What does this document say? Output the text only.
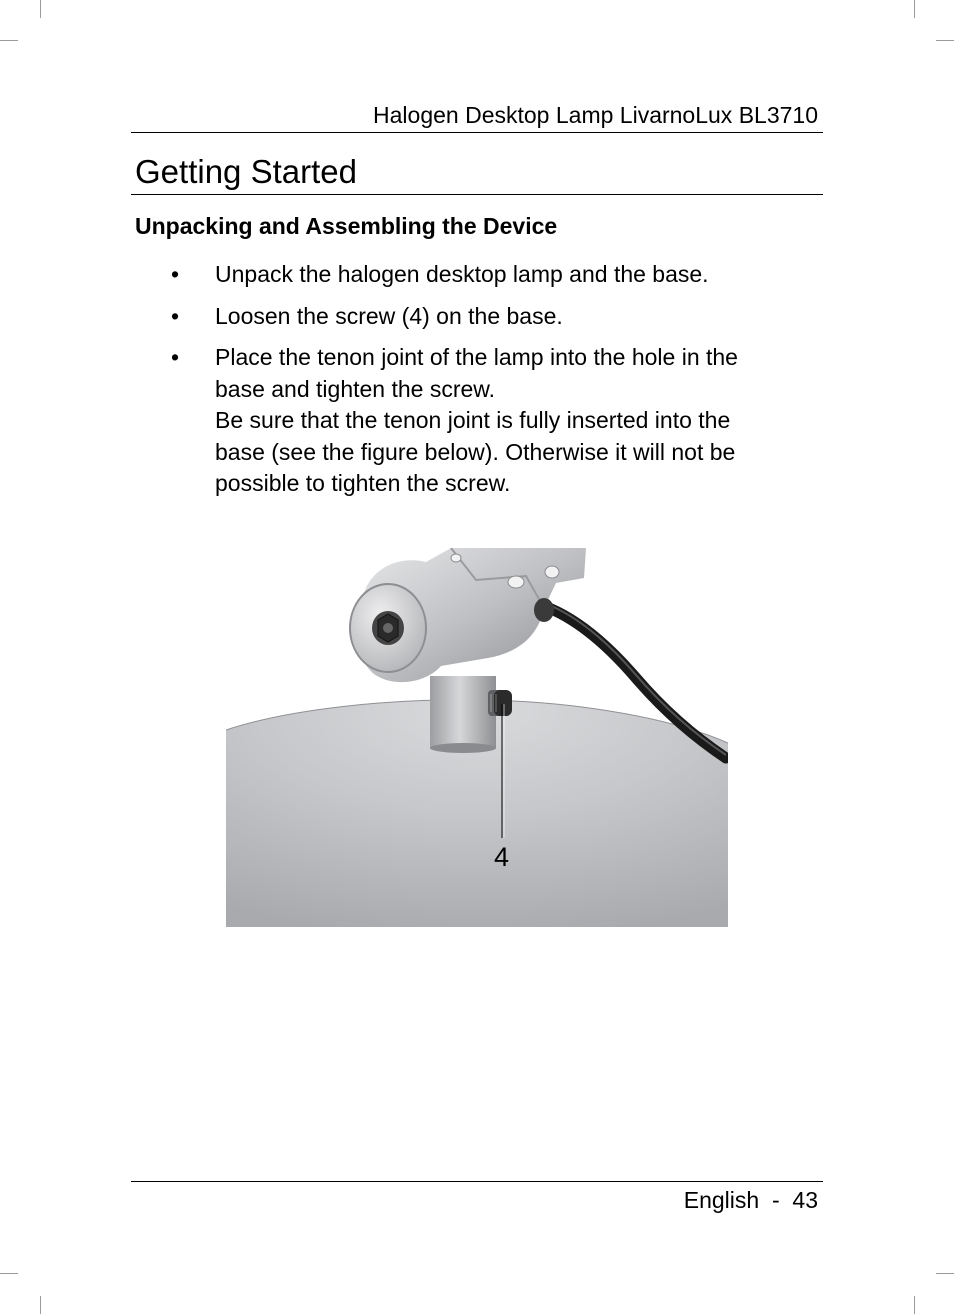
Halogen Desktop Lamp LivarnoLux BL3710
Getting Started
Unpacking and Assembling the Device
• Unpack the halogen desktop lamp and the base.
• Loosen the screw (4) on the base.
• Place the tenon joint of the lamp into the hole in the
base and tighten the screw.
Be sure that the tenon joint is fully inserted into the
base (see the figure below). Otherwise it will not be
possible to tighten the screw.
4
English  -  43
